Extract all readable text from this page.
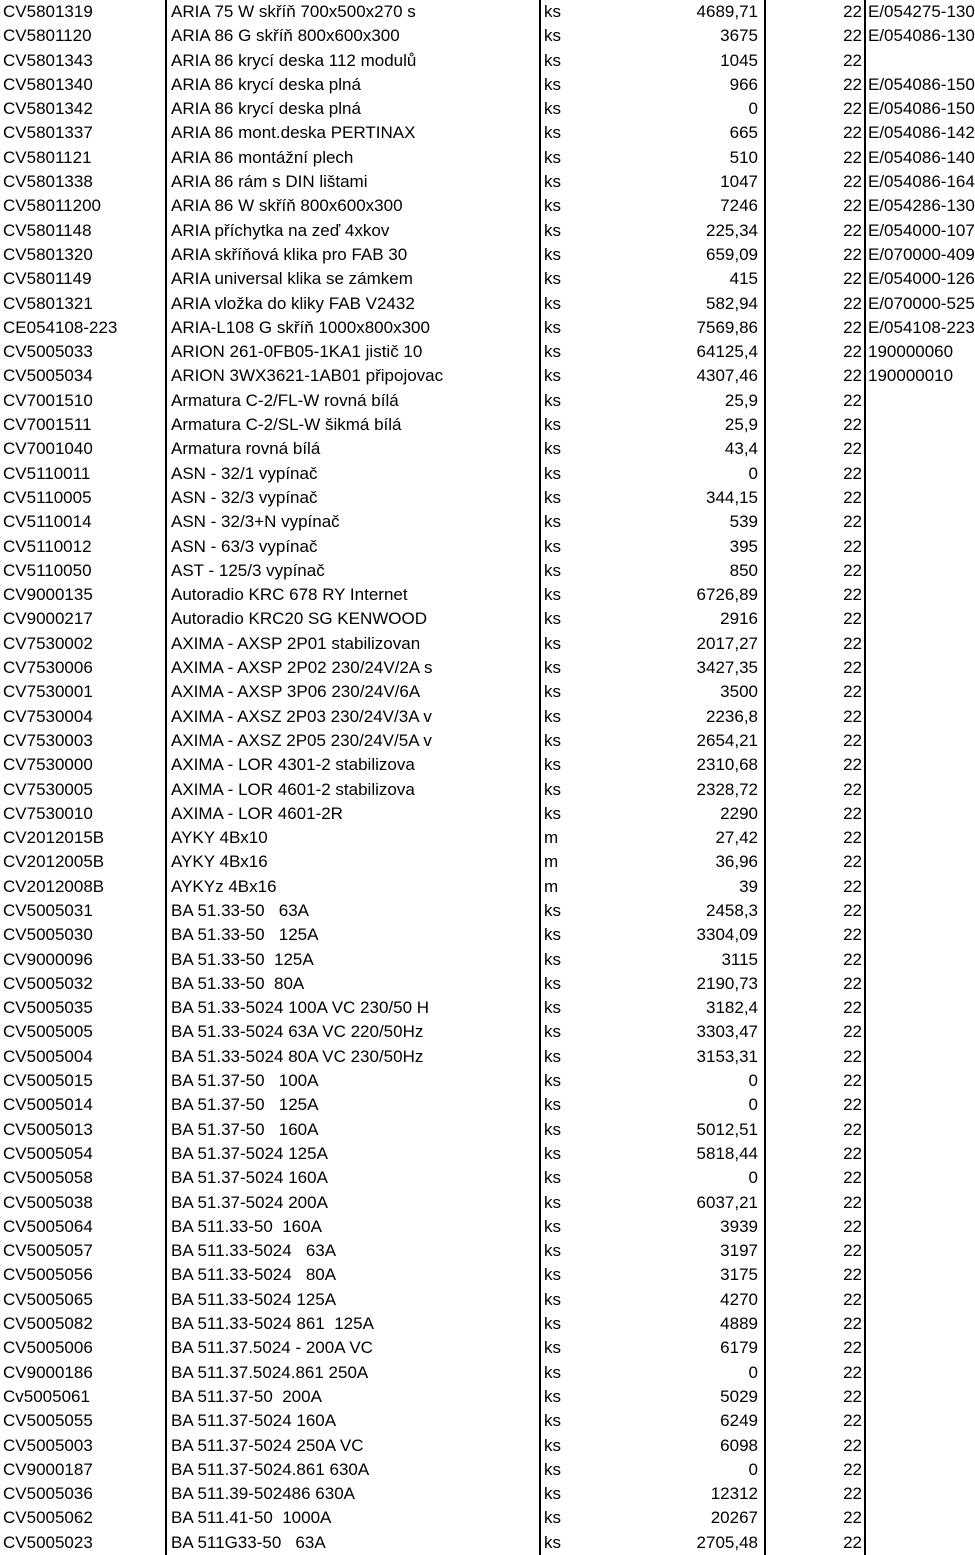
CV5801319	ARIA 75 W skříň 700x500x270 s	ks	4689,71	22	E/054275-130
CV5801120	ARIA 86 G skříň 800x600x300	ks	3675	22	E/054086-130
CV5801343	ARIA 86 krycí deska 112 modulů	ks	1045	22	
CV5801340	ARIA 86 krycí deska plná	ks	966	22	E/054086-150
CV5801342	ARIA 86 krycí deska plná	ks	0	22	E/054086-150
CV5801337	ARIA 86 mont.deska PERTINAX	ks	665	22	E/054086-142
CV5801121	ARIA 86 montážní plech	ks	510	22	E/054086-140
CV5801338	ARIA 86 rám s DIN lištami	ks	1047	22	E/054086-164
CV58011200	ARIA 86 W skříň 800x600x300	ks	7246	22	E/054286-130
CV5801148	ARIA příchytka na zeď 4xkov	ks	225,34	22	E/054000-107
CV5801320	ARIA skříňová klika pro FAB 30	ks	659,09	22	E/070000-409
CV5801149	ARIA universal klika se zámkem	ks	415	22	E/054000-126
CV5801321	ARIA vložka do kliky FAB V2432	ks	582,94	22	E/070000-525
CE054108-223	ARIA-L108 G skříň 1000x800x300	ks	7569,86	22	E/054108-223
CV5005033	ARION 261-0FB05-1KA1 jistič 10	ks	64125,4	22	190000060
CV5005034	ARION 3WX3621-1AB01 připojovac	ks	4307,46	22	190000010
CV7001510	Armatura C-2/FL-W rovná bílá	ks	25,9	22	
CV7001511	Armatura C-2/SL-W šikmá bílá	ks	25,9	22	
CV7001040	Armatura rovná bílá	ks	43,4	22	
CV5110011	ASN - 32/1 vypínač	ks	0	22	
CV5110005	ASN - 32/3 vypínač	ks	344,15	22	
CV5110014	ASN - 32/3+N vypínač	ks	539	22	
CV5110012	ASN - 63/3 vypínač	ks	395	22	
CV5110050	AST - 125/3 vypínač	ks	850	22	
CV9000135	Autoradio KRC 678 RY Internet	ks	6726,89	22	
CV9000217	Autoradio KRC20 SG KENWOOD	ks	2916	22	
CV7530002	AXIMA - AXSP 2P01 stabilizovan	ks	2017,27	22	
CV7530006	AXIMA - AXSP 2P02 230/24V/2A s	ks	3427,35	22	
CV7530001	AXIMA - AXSP 3P06 230/24V/6A	ks	3500	22	
CV7530004	AXIMA - AXSZ 2P03 230/24V/3A v	ks	2236,8	22	
CV7530003	AXIMA - AXSZ 2P05 230/24V/5A v	ks	2654,21	22	
CV7530000	AXIMA - LOR 4301-2 stabilizova	ks	2310,68	22	
CV7530005	AXIMA - LOR 4601-2 stabilizova	ks	2328,72	22	
CV7530010	AXIMA - LOR 4601-2R	ks	2290	22	
CV2012015B	AYKY 4Bx10	m	27,42	22	
CV2012005B	AYKY 4Bx16	m	36,96	22	
CV2012008B	AYKYz 4Bx16	m	39	22	
CV5005031	BA 51.33-50   63A	ks	2458,3	22	
CV5005030	BA 51.33-50   125A	ks	3304,09	22	
CV9000096	BA 51.33-50  125A	ks	3115	22	
CV5005032	BA 51.33-50  80A	ks	2190,73	22	
CV5005035	BA 51.33-5024 100A VC 230/50 H	ks	3182,4	22	
CV5005005	BA 51.33-5024 63A VC 220/50Hz	ks	3303,47	22	
CV5005004	BA 51.33-5024 80A VC 230/50Hz	ks	3153,31	22	
CV5005015	BA 51.37-50   100A	ks	0	22	
CV5005014	BA 51.37-50   125A	ks	0	22	
CV5005013	BA 51.37-50   160A	ks	5012,51	22	
CV5005054	BA 51.37-5024 125A	ks	5818,44	22	
CV5005058	BA 51.37-5024 160A	ks	0	22	
CV5005038	BA 51.37-5024 200A	ks	6037,21	22	
CV5005064	BA 511.33-50  160A	ks	3939	22	
CV5005057	BA 511.33-5024   63A	ks	3197	22	
CV5005056	BA 511.33-5024   80A	ks	3175	22	
CV5005065	BA 511.33-5024 125A	ks	4270	22	
CV5005082	BA 511.33-5024 861  125A	ks	4889	22	
CV5005006	BA 511.37.5024 - 200A VC	ks	6179	22	
CV9000186	BA 511.37.5024.861 250A	ks	0	22	
Cv5005061	BA 511.37-50  200A	ks	5029	22	
CV5005055	BA 511.37-5024 160A	ks	6249	22	
CV5005003	BA 511.37-5024 250A VC	ks	6098	22	
CV9000187	BA 511.37-5024.861 630A	ks	0	22	
CV5005036	BA 511.39-502486 630A	ks	12312	22	
CV5005062	BA 511.41-50  1000A	ks	20267	22	
CV5005023	BA 511G33-50   63A	ks	2705,48	22	
